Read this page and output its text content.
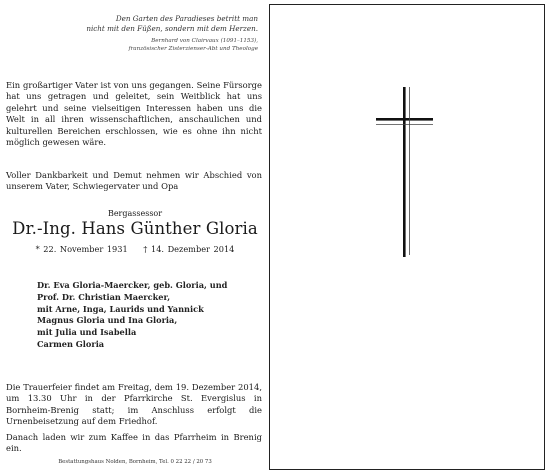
Den Garten des Paradieses betritt man
nicht mit den Füßen, sondern mit dem Herzen.
Bernhard von Clairvaux (1091–1153),
französischer Zisterzienser-Abt und Theologe
Ein großartiger Vater ist von uns gegangen. Seine Fürsorge hat uns getragen und geleitet, sein Weitblick hat uns gelehrt und seine vielseitigen Interessen haben uns die Welt in all ihren wissenschaftlichen, anschaulichen und kulturellen Bereichen erschlossen, wie es ohne ihn nicht möglich gewesen wäre.
Voller Dankbarkeit und Demut nehmen wir Abschied von unserem Vater, Schwiegervater und Opa
Bergassessor
Dr.-Ing. Hans Günther Gloria
* 22. November 1931 † 14. Dezember 2014
Dr. Eva Gloria-Maercker, geb. Gloria, und
Prof. Dr. Christian Maercker,
mit Arne, Inga, Laurids und Yannick
Magnus Gloria und Ina Gloria,
mit Julia und Isabella
Carmen Gloria
Die Trauerfeier findet am Freitag, dem 19. Dezember 2014, um 13.30 Uhr in der Pfarrkirche St. Evergislus in Bornheim-Brenig statt; im Anschluss erfolgt die Urnenbeisetzung auf dem Friedhof.
Danach laden wir zum Kaffee in das Pfarrheim in Brenig ein.
Bestattungshaus Nolden, Bornheim, Tel. 0 22 22 / 20 73
